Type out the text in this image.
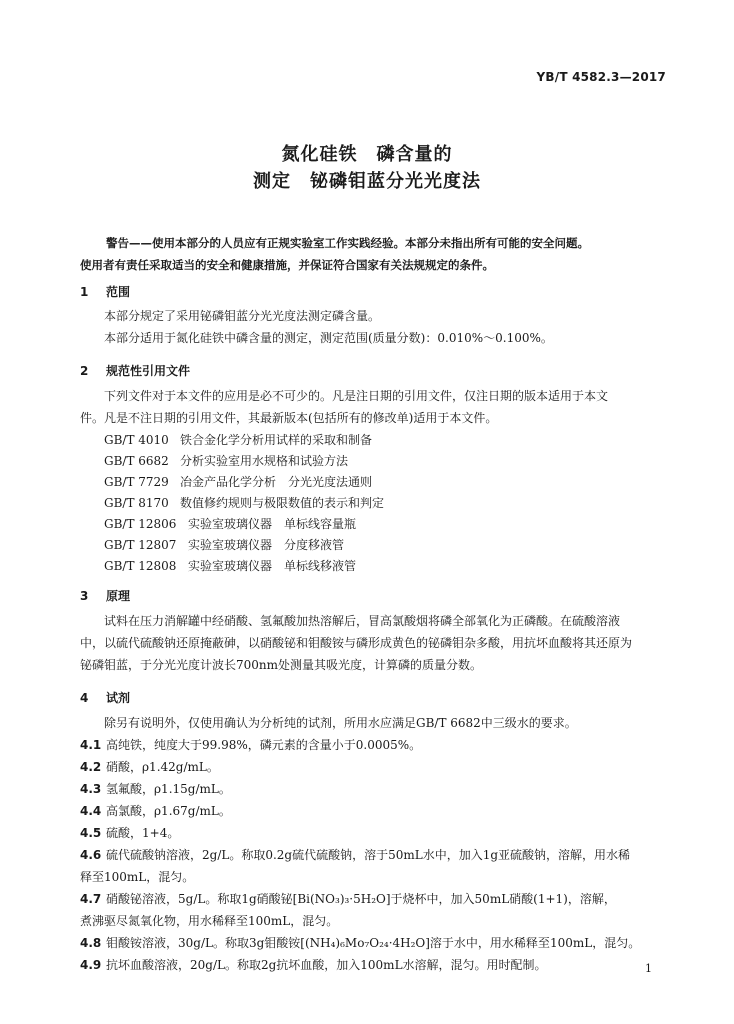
YB/T 4582.3—2017
氮化硅铁　磷含量的
测定　铋磷钼蓝分光光度法
警告——使用本部分的人员应有正规实验室工作实践经验。本部分未指出所有可能的安全问题。
使用者有责任采取适当的安全和健康措施，并保证符合国家有关法规规定的条件。
1 范围
本部分规定了采用铋磷钼蓝分光光度法测定磷含量。
本部分适用于氮化硅铁中磷含量的测定，测定范围(质量分数)：0.010%～0.100%。
2 规范性引用文件
下列文件对于本文件的应用是必不可少的。凡是注日期的引用文件，仅注日期的版本适用于本文
件。凡是不注日期的引用文件，其最新版本(包括所有的修改单)适用于本文件。
GB/T 4010 铁合金化学分析用试样的采取和制备
GB/T 6682 分析实验室用水规格和试验方法
GB/T 7729 冶金产品化学分析　分光光度法通则
GB/T 8170 数值修约规则与极限数值的表示和判定
GB/T 12806 实验室玻璃仪器　单标线容量瓶
GB/T 12807 实验室玻璃仪器　分度移液管
GB/T 12808 实验室玻璃仪器　单标线移液管
3 原理
试料在压力消解罐中经硝酸、氢氟酸加热溶解后，冒高氯酸烟将磷全部氧化为正磷酸。在硫酸溶液
中，以硫代硫酸钠还原掩蔽砷，以硝酸铋和钼酸铵与磷形成黄色的铋磷钼杂多酸，用抗坏血酸将其还原为
铋磷钼蓝，于分光光度计波长700nm处测量其吸光度，计算磷的质量分数。
4 试剂
除另有说明外，仅使用确认为分析纯的试剂，所用水应满足GB/T 6682中三级水的要求。
4.1 高纯铁，纯度大于99.98%，磷元素的含量小于0.0005%。
4.2 硝酸，ρ1.42g/mL。
4.3 氢氟酸，ρ1.15g/mL。
4.4 高氯酸，ρ1.67g/mL。
4.5 硫酸，1+4。
4.6 硫代硫酸钠溶液，2g/L。称取0.2g硫代硫酸钠，溶于50mL水中，加入1g亚硫酸钠，溶解，用水稀
释至100mL，混匀。
4.7 硝酸铋溶液，5g/L。称取1g硝酸铋[Bi(NO₃)₃·5H₂O]于烧杯中，加入50mL硝酸(1+1)，溶解，
煮沸驱尽氮氧化物，用水稀释至100mL，混匀。
4.8 钼酸铵溶液，30g/L。称取3g钼酸铵[(NH₄)₆Mo₇O₂₄·4H₂O]溶于水中，用水稀释至100mL，混匀。
4.9 抗坏血酸溶液，20g/L。称取2g抗坏血酸，加入100mL水溶解，混匀。用时配制。	1
